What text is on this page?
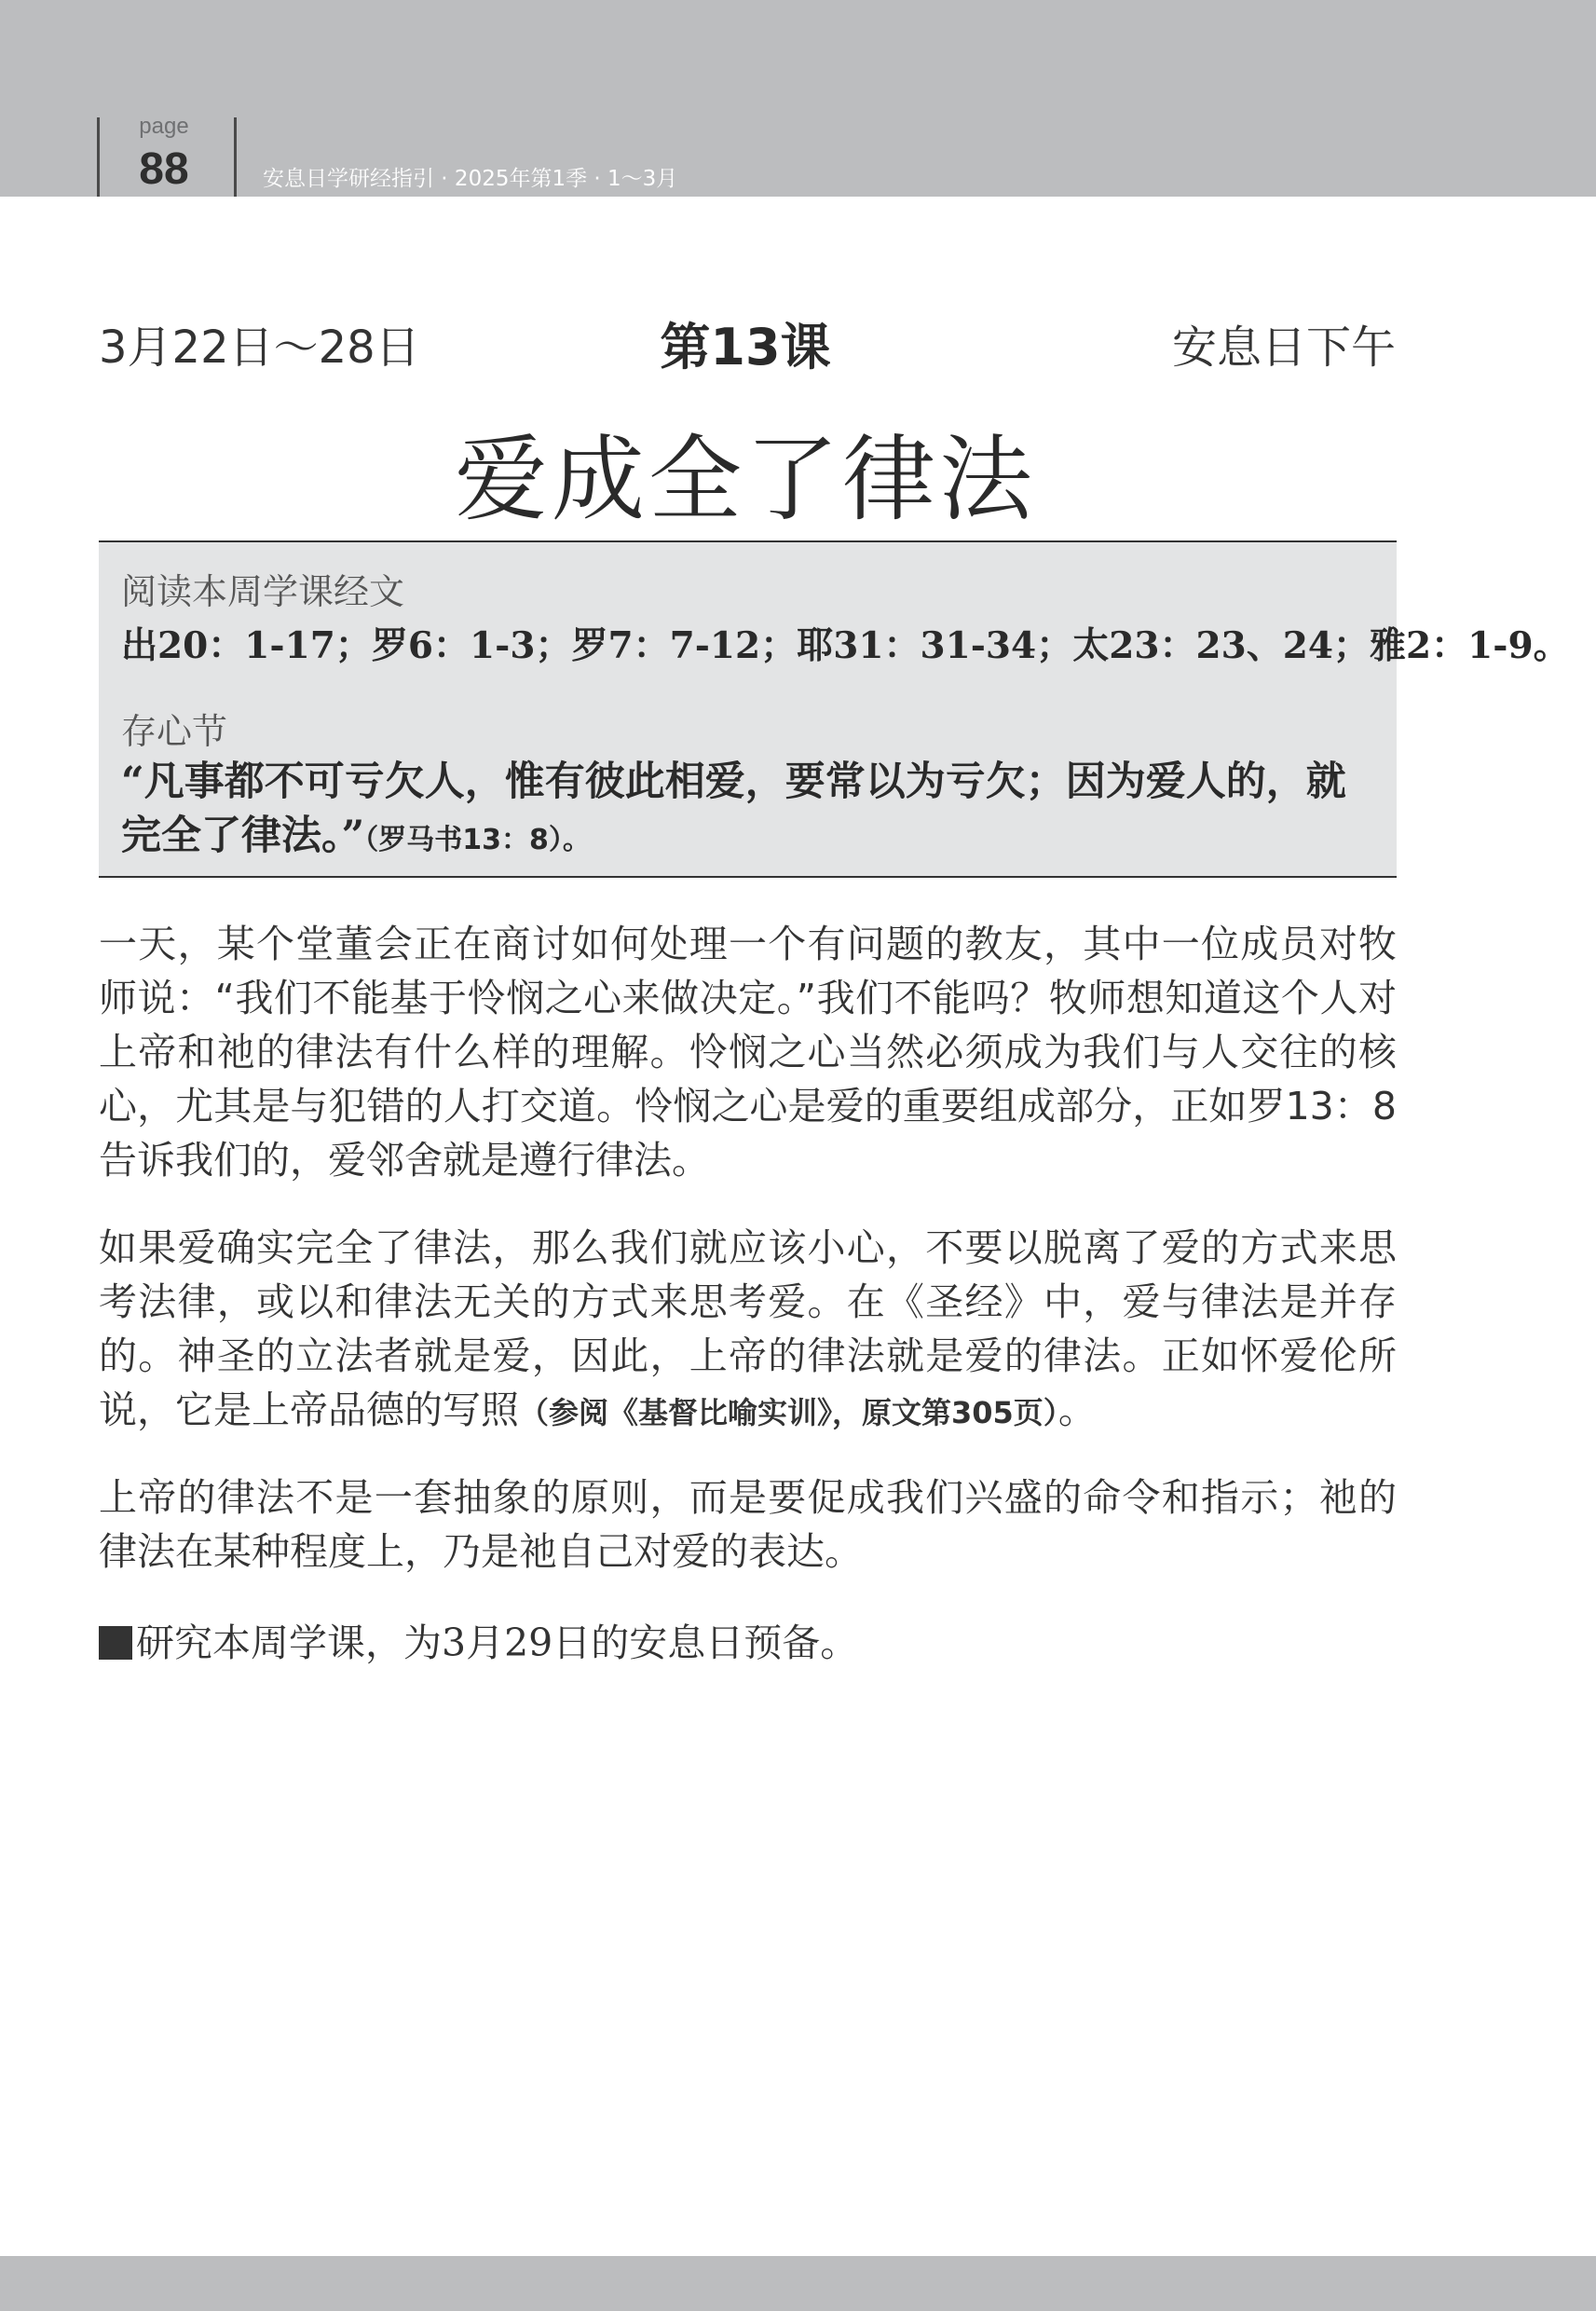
page
88	安息日学研经指引 · 2025年第1季 · 1～3月
3月22日～28日	第13课	安息日下午
爱成全了律法
阅读本周学课经文
出20：1-17；罗6：1-3；罗7：7-12；耶31：31-34；太23：23、24；雅2：1-9。
存心节
“凡事都不可亏欠人，惟有彼此相爱，要常以为亏欠；因为爱人的，就完全了律法。”（罗马书13：8）。
一天，某个堂董会正在商讨如何处理一个有问题的教友，其中一位成员对牧师说：“我们不能基于怜悯之心来做决定。”我们不能吗？牧师想知道这个人对上帝和祂的律法有什么样的理解。怜悯之心当然必须成为我们与人交往的核心，尤其是与犯错的人打交道。怜悯之心是爱的重要组成部分，正如罗13：8告诉我们的，爱邻舍就是遵行律法。
如果爱确实完全了律法，那么我们就应该小心，不要以脱离了爱的方式来思考法律，或以和律法无关的方式来思考爱。在《圣经》中，爱与律法是并存的。神圣的立法者就是爱，因此，上帝的律法就是爱的律法。正如怀爱伦所说，它是上帝品德的写照（参阅《基督比喻实训》，原文第305页）。
上帝的律法不是一套抽象的原则，而是要促成我们兴盛的命令和指示；祂的律法在某种程度上，乃是祂自己对爱的表达。
研究本周学课，为3月29日的安息日预备。
